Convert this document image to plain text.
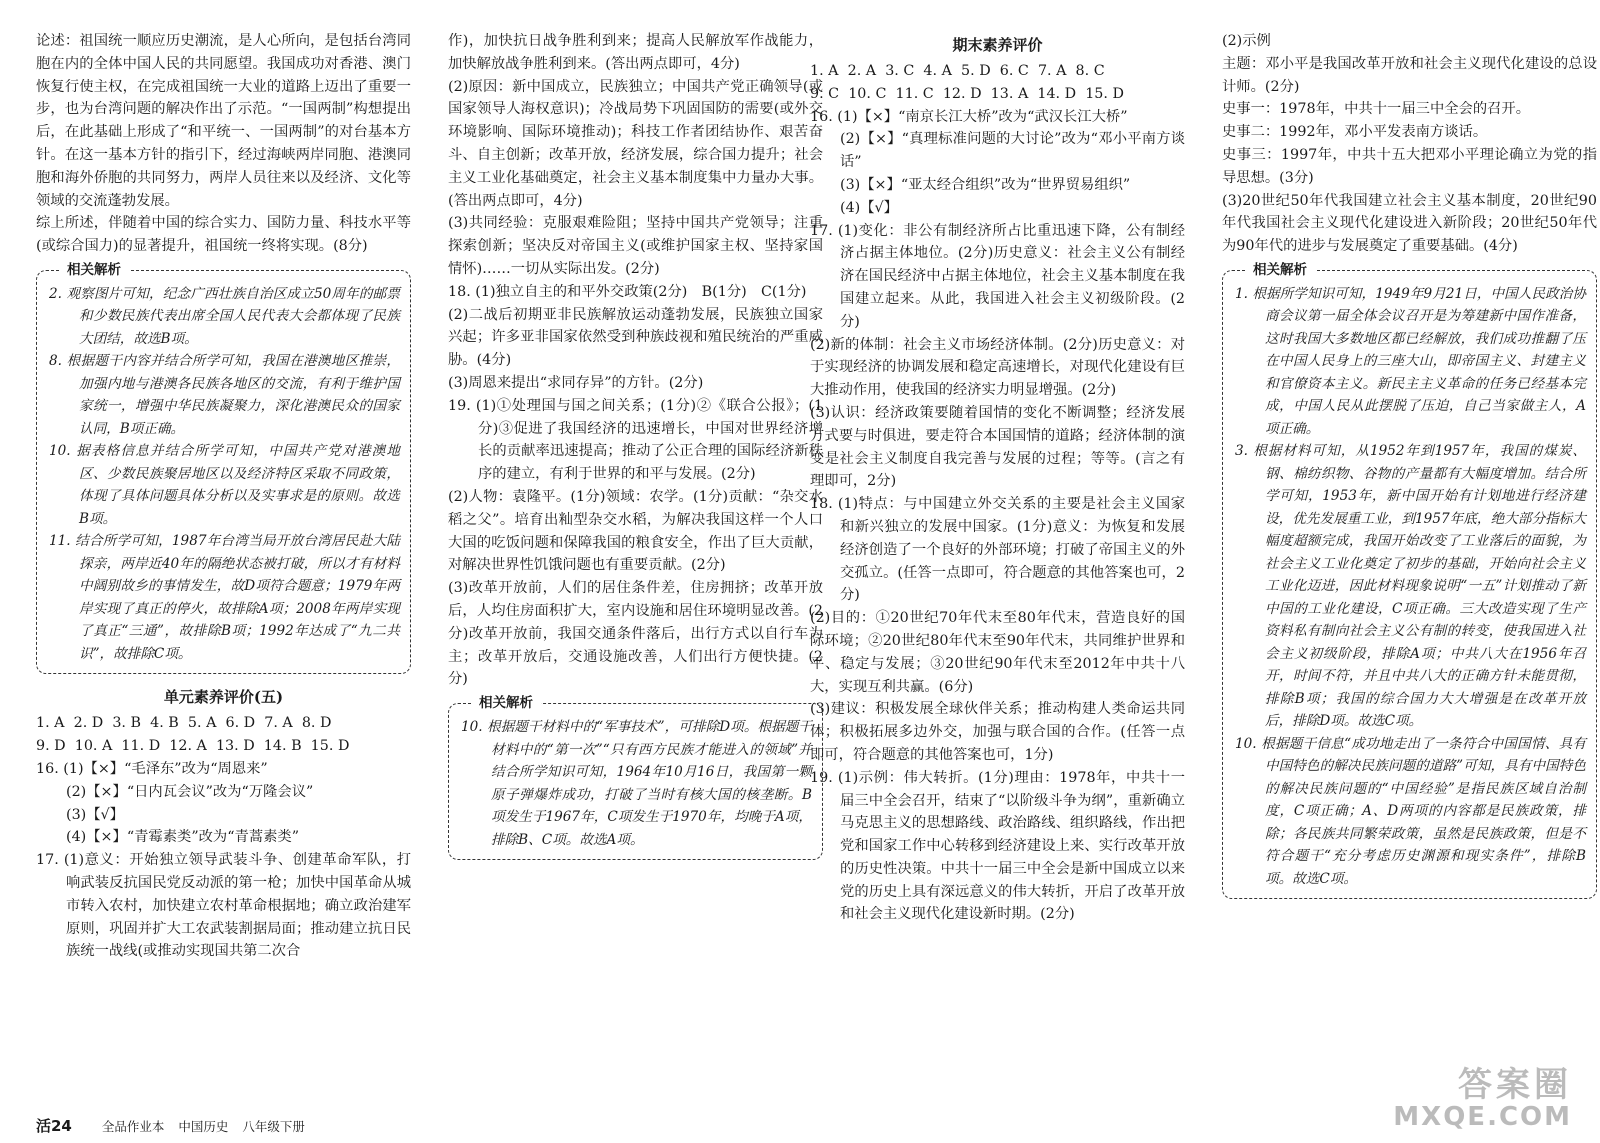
论述：祖国统一顺应历史潮流，是人心所向，是包括台湾同胞在内的全体中国人民的共同愿望。我国成功对香港、澳门恢复行使主权，在完成祖国统一大业的道路上迈出了重要一步，也为台湾问题的解决作出了示范。“一国两制”构想提出后，在此基础上形成了“和平统一、一国两制”的对台基本方针。在这一基本方针的指引下，经过海峡两岸同胞、港澳同胞和海外侨胞的共同努力，两岸人员往来以及经济、文化等领域的交流蓬勃发展。

综上所述，伴随着中国的综合实力、国防力量、科技水平等(或综合国力)的显著提升，祖国统一终将实现。(8分)

相关解析

2. 观察图片可知，纪念广西壮族自治区成立50周年的邮票和少数民族代表出席全国人民代表大会都体现了民族大团结，故选B项。

8. 根据题干内容并结合所学可知，我国在港澳地区推崇，加强内地与港澳各民族各地区的交流，有利于维护国家统一，增强中华民族凝聚力，深化港澳民众的国家认同，B项正确。

10. 据表格信息并结合所学可知，中国共产党对港澳地区、少数民族聚居地区以及经济特区采取不同政策，体现了具体问题具体分析以及实事求是的原则。故选B项。

11. 结合所学可知，1987年台湾当局开放台湾居民赴大陆探亲，两岸近40年的隔绝状态被打破，所以才有材料中阔别故乡的事情发生，故D项符合题意；1979年两岸实现了真正的停火，故排除A项；2008年两岸实现了真正“三通”，故排除B项；1992年达成了“九二共识”，故排除C项。

单元素养评价(五)

1. A  2. D  3. B  4. B  5. A  6. D  7. A  8. D

9. D  10. A  11. D  12. A  13. D  14. B  15. D

16. (1)【×】“毛泽东”改为“周恩来”

(2)【×】“日内瓦会议”改为“万隆会议”

(3)【√】

(4)【×】“青霉素类”改为“青蒿素类”

17. (1)意义：开始独立领导武装斗争、创建革命军队，打响武装反抗国民党反动派的第一枪；加快中国革命从城市转入农村，加快建立农村革命根据地；确立政治建军原则，巩固并扩大工农武装割据局面；推动建立抗日民族统一战线(或推动实现国共第二次合

作)，加快抗日战争胜利到来；提高人民解放军作战能力，加快解放战争胜利到来。(答出两点即可，4分)

(2)原因：新中国成立，民族独立；中国共产党正确领导(或国家领导人海权意识)；冷战局势下巩固国防的需要(或外交环境影响、国际环境推动)；科技工作者团结协作、艰苦奋斗、自主创新；改革开放，经济发展，综合国力提升；社会主义工业化基础奠定，社会主义基本制度集中力量办大事。(答出两点即可，4分)

(3)共同经验：克服艰难险阻；坚持中国共产党领导；注重探索创新；坚决反对帝国主义(或维护国家主权、坚持家国情怀)……一切从实际出发。(2分)

18. (1)独立自主的和平外交政策(2分)　B(1分)　C(1分)

(2)二战后初期亚非民族解放运动蓬勃发展，民族独立国家兴起；许多亚非国家依然受到种族歧视和殖民统治的严重威胁。(4分)

(3)周恩来提出“求同存异”的方针。(2分)

19. (1)①处理国与国之间关系；(1分)②《联合公报》；(1分)③促进了我国经济的迅速增长，中国对世界经济增长的贡献率迅速提高；推动了公正合理的国际经济新秩序的建立，有利于世界的和平与发展。(2分)

(2)人物：袁隆平。(1分)领域：农学。(1分)贡献：“杂交水稻之父”。培育出籼型杂交水稻，为解决我国这样一个人口大国的吃饭问题和保障我国的粮食安全，作出了巨大贡献，对解决世界性饥饿问题也有重要贡献。(2分)

(3)改革开放前，人们的居住条件差，住房拥挤；改革开放后，人均住房面积扩大，室内设施和居住环境明显改善。(2分)改革开放前，我国交通条件落后，出行方式以自行车为主；改革开放后，交通设施改善，人们出行方便快捷。(2分)

相关解析

10. 根据题干材料中的“军事技术”，可排除D项。根据题干材料中的“第一次”“只有西方民族才能进入的领域”并结合所学知识可知，1964年10月16日，我国第一颗原子弹爆炸成功，打破了当时有核大国的核垄断。B项发生于1967年，C项发生于1970年，均晚于A项，排除B、C项。故选A项。

期末素养评价

1. A  2. A  3. C  4. A  5. D  6. C  7. A  8. C

9. C  10. C  11. C  12. D  13. A  14. D  15. D

16. (1)【×】“南京长江大桥”改为“武汉长江大桥”

(2)【×】“真理标准问题的大讨论”改为“邓小平南方谈话”

(3)【×】“亚太经合组织”改为“世界贸易组织”

(4)【√】

17. (1)变化：非公有制经济所占比重迅速下降，公有制经济占据主体地位。(2分)历史意义：社会主义公有制经济在国民经济中占据主体地位，社会主义基本制度在我国建立起来。从此，我国进入社会主义初级阶段。(2分)

(2)新的体制：社会主义市场经济体制。(2分)历史意义：对于实现经济的协调发展和稳定高速增长，对现代化建设有巨大推动作用，使我国的经济实力明显增强。(2分)

(3)认识：经济政策要随着国情的变化不断调整；经济发展方式要与时俱进，要走符合本国国情的道路；经济体制的演变是社会主义制度自我完善与发展的过程；等等。(言之有理即可，2分)

18. (1)特点：与中国建立外交关系的主要是社会主义国家和新兴独立的发展中国家。(1分)意义：为恢复和发展经济创造了一个良好的外部环境；打破了帝国主义的外交孤立。(任答一点即可，符合题意的其他答案也可，2分)

(2)目的：①20世纪70年代末至80年代末，营造良好的国际环境；②20世纪80年代末至90年代末，共同维护世界和平、稳定与发展；③20世纪90年代末至2012年中共十八大，实现互利共赢。(6分)

(3)建议：积极发展全球伙伴关系；推动构建人类命运共同体；积极拓展多边外交，加强与联合国的合作。(任答一点即可，符合题意的其他答案也可，1分)

19. (1)示例：伟大转折。(1分)理由：1978年，中共十一届三中全会召开，结束了“以阶级斗争为纲”，重新确立马克思主义的思想路线、政治路线、组织路线，作出把党和国家工作中心转移到经济建设上来、实行改革开放的历史性决策。中共十一届三中全会是新中国成立以来党的历史上具有深远意义的伟大转折，开启了改革开放和社会主义现代化建设新时期。(2分)

(2)示例

主题：邓小平是我国改革开放和社会主义现代化建设的总设计师。(2分)

史事一：1978年，中共十一届三中全会的召开。

史事二：1992年，邓小平发表南方谈话。

史事三：1997年，中共十五大把邓小平理论确立为党的指导思想。(3分)

(3)20世纪50年代我国建立社会主义基本制度，20世纪90年代我国社会主义现代化建设进入新阶段；20世纪50年代为90年代的进步与发展奠定了重要基础。(4分)

相关解析

1. 根据所学知识可知，1949年9月21日，中国人民政治协商会议第一届全体会议召开是为筹建新中国作准备，这时我国大多数地区都已经解放，我们成功推翻了压在中国人民身上的三座大山，即帝国主义、封建主义和官僚资本主义。新民主主义革命的任务已经基本完成，中国人民从此摆脱了压迫，自己当家做主人，A项正确。

3. 根据材料可知，从1952年到1957年，我国的煤炭、钢、棉纺织物、谷物的产量都有大幅度增加。结合所学可知，1953年，新中国开始有计划地进行经济建设，优先发展重工业，到1957年底，绝大部分指标大幅度超额完成，我国开始改变了工业落后的面貌，为社会主义工业化奠定了初步的基础，开始向社会主义工业化迈进，因此材料现象说明“一五”计划推动了新中国的工业化建设，C项正确。三大改造实现了生产资料私有制向社会主义公有制的转变，使我国进入社会主义初级阶段，排除A项；中共八大在1956年召开，时间不符，并且中共八大的正确方针未能贯彻，排除B项；我国的综合国力大大增强是在改革开放后，排除D项。故选C项。

10. 根据题干信息“成功地走出了一条符合中国国情、具有中国特色的解决民族问题的道路”可知，具有中国特色的解决民族问题的“中国经验”是指民族区域自治制度，C项正确；A、D两项的内容都是民族政策，排除；各民族共同繁荣政策，虽然是民族政策，但是不符合题干“充分考虑历史渊源和现实条件”，排除B项。故选C项。

活24 全品作业本 中国历史 八年级下册
答案圈
MXQE.COM
